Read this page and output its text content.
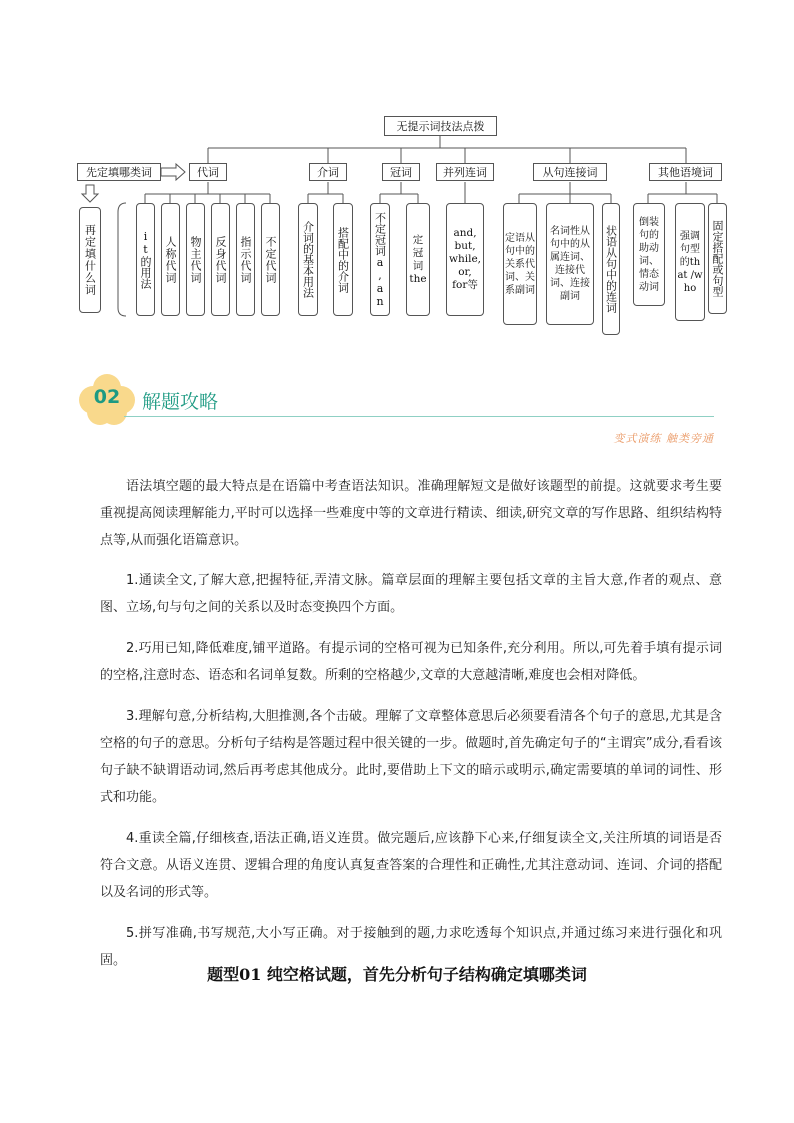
无提示词技法点拨
先定填哪类词
再定填什么词
代词	介词	冠词	并列连词	从句连接词	其他语境词
it的用法 人称代词 物主代词 反身代词 指示代词 不定代词	介词的基本用法	搭配中的介词	不定冠词a,an	定冠词the
and, but, while, or, for等
定语从句中的关系代词、关系副词
名词性从句中的从属连词、连接代词、连接副词	状语从句中的连词
倒装句的助动词、情态动词
强调句型的that /who	固定搭配或句型
02	解题攻略
变式演练 触类旁通

语法填空题的最大特点是在语篇中考查语法知识。准确理解短文是做好该题型的前提。这就要求考生要重视提高阅读理解能力,平时可以选择一些难度中等的文章进行精读、细读,研究文章的写作思路、组织结构特点等,从而强化语篇意识。

1.通读全文,了解大意,把握特征,弄清文脉。篇章层面的理解主要包括文章的主旨大意,作者的观点、意图、立场,句与句之间的关系以及时态变换四个方面。

2.巧用已知,降低难度,铺平道路。有提示词的空格可视为已知条件,充分利用。所以,可先着手填有提示词的空格,注意时态、语态和名词单复数。所剩的空格越少,文章的大意越清晰,难度也会相对降低。

3.理解句意,分析结构,大胆推测,各个击破。理解了文章整体意思后必须要看清各个句子的意思,尤其是含空格的句子的意思。分析句子结构是答题过程中很关键的一步。做题时,首先确定句子的“主谓宾”成分,看看该句子缺不缺谓语动词,然后再考虑其他成分。此时,要借助上下文的暗示或明示,确定需要填的单词的词性、形式和功能。

4.重读全篇,仔细核查,语法正确,语义连贯。做完题后,应该静下心来,仔细复读全文,关注所填的词语是否符合文意。从语义连贯、逻辑合理的角度认真复查答案的合理性和正确性,尤其注意动词、连词、介词的搭配以及名词的形式等。

5.拼写准确,书写规范,大小写正确。对于接触到的题,力求吃透每个知识点,并通过练习来进行强化和巩固。

题型01 纯空格试题，首先分析句子结构确定填哪类词
